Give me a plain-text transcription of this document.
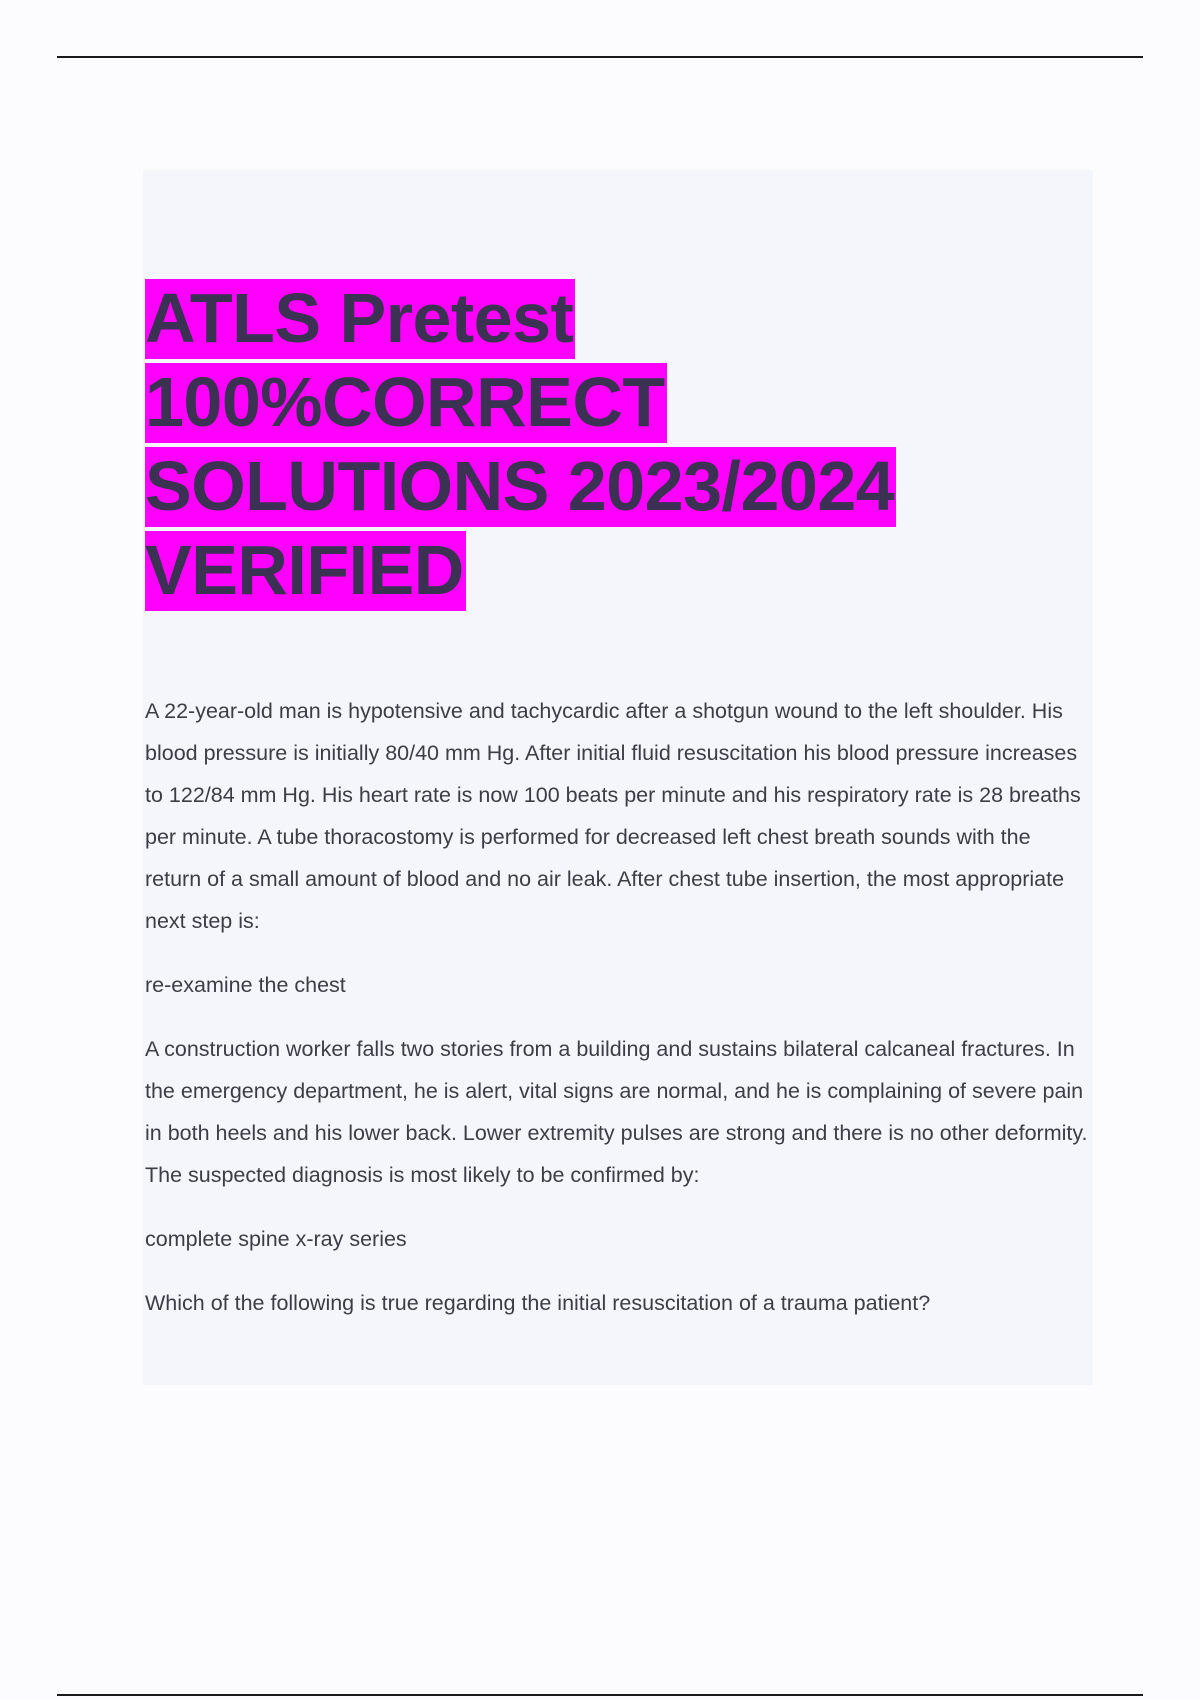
ATLS Pretest 100%CORRECT SOLUTIONS 2023/2024 VERIFIED

A 22-year-old man is hypotensive and tachycardic after a shotgun wound to the left shoulder. His blood pressure is initially 80/40 mm Hg. After initial fluid resuscitation his blood pressure increases to 122/84 mm Hg. His heart rate is now 100 beats per minute and his respiratory rate is 28 breaths per minute. A tube thoracostomy is performed for decreased left chest breath sounds with the return of a small amount of blood and no air leak. After chest tube insertion, the most appropriate next step is:

re-examine the chest

A construction worker falls two stories from a building and sustains bilateral calcaneal fractures. In the emergency department, he is alert, vital signs are normal, and he is complaining of severe pain in both heels and his lower back. Lower extremity pulses are strong and there is no other deformity. The suspected diagnosis is most likely to be confirmed by:

complete spine x-ray series

Which of the following is true regarding the initial resuscitation of a trauma patient?
